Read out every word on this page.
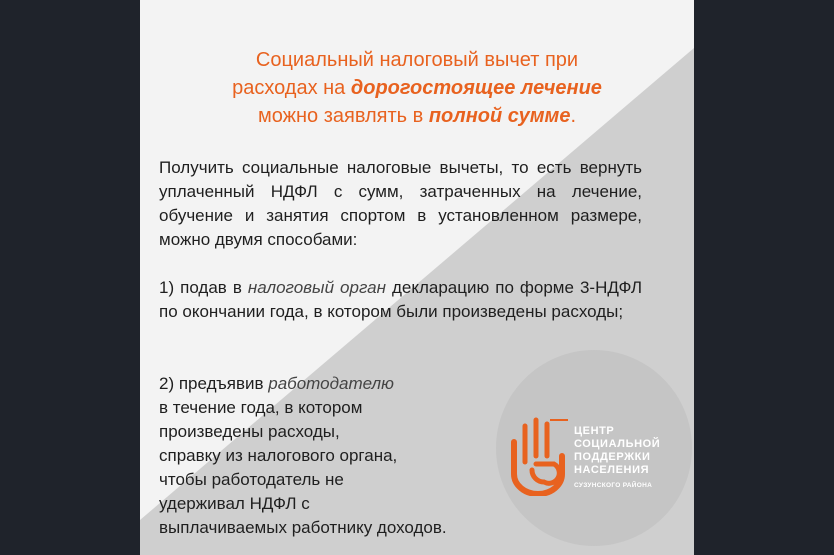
Социальный налоговый вычет при
расходах на дорогостоящее лечение
можно заявлять в полной сумме.
Получить социальные налоговые вычеты, то есть вернуть уплаченный НДФЛ с сумм, затраченных на лечение, обучение и занятия спортом в установленном размере, можно двумя способами:
1) подав в налоговый орган декларацию по форме 3-НДФЛ по окончании года, в котором были произведены расходы;
2) предъявив работодателю
в течение года, в котором
произведены расходы,
справку из налогового органа,
чтобы работодатель не
удерживал НДФЛ с
выплачиваемых работнику доходов.
ЦЕНТР
СОЦИАЛЬНОЙ
ПОДДЕРЖКИ
НАСЕЛЕНИЯ
СУЗУНСКОГО РАЙОНА
